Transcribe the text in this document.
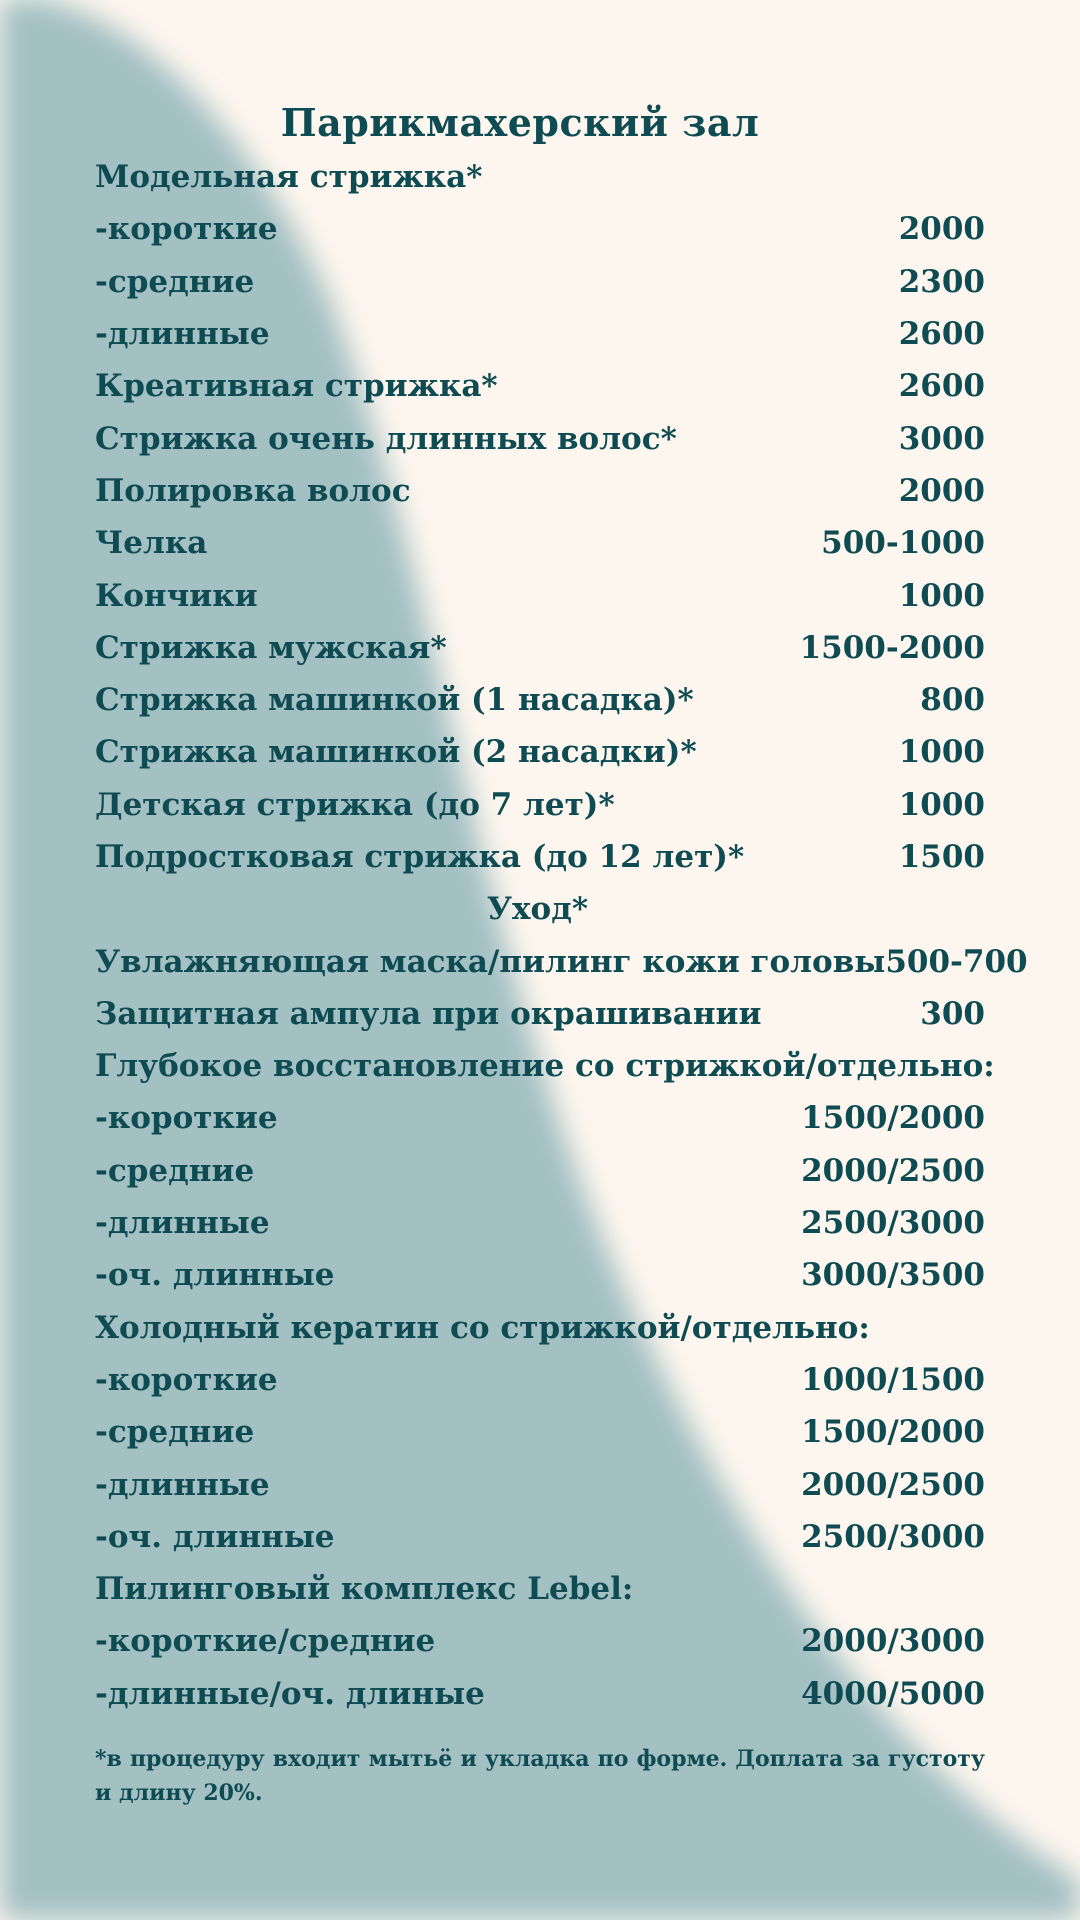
Парикмахерский зал
Модельная стрижка*
-короткие	2000
-средние	2300
-длинные	2600
Креативная стрижка*	2600
Стрижка очень длинных волос*	3000
Полировка волос	2000
Челка	500-1000
Кончики	1000
Стрижка мужская*	1500-2000
Стрижка машинкой (1 насадка)*	800
Стрижка машинкой (2 насадки)*	1000
Детская стрижка (до 7 лет)*	1000
Подростковая стрижка (до 12 лет)*	1500
Уход*
Увлажняющая маска/пилинг кожи головы 500-700
Защитная ампула при окрашивании	300
Глубокое восстановление со стрижкой/отдельно:
-короткие	1500/2000
-средние	2000/2500
-длинные	2500/3000
-оч. длинные	3000/3500
Холодный кератин со стрижкой/отдельно:
-короткие	1000/1500
-средние	1500/2000
-длинные	2000/2500
-оч. длинные	2500/3000
Пилинговый комплекс Lebel:
-короткие/средние	2000/3000
-длинные/оч. длиные	4000/5000
*в процедуру входит мытьё и укладка по форме. Доплата за густоту и длину 20%.
